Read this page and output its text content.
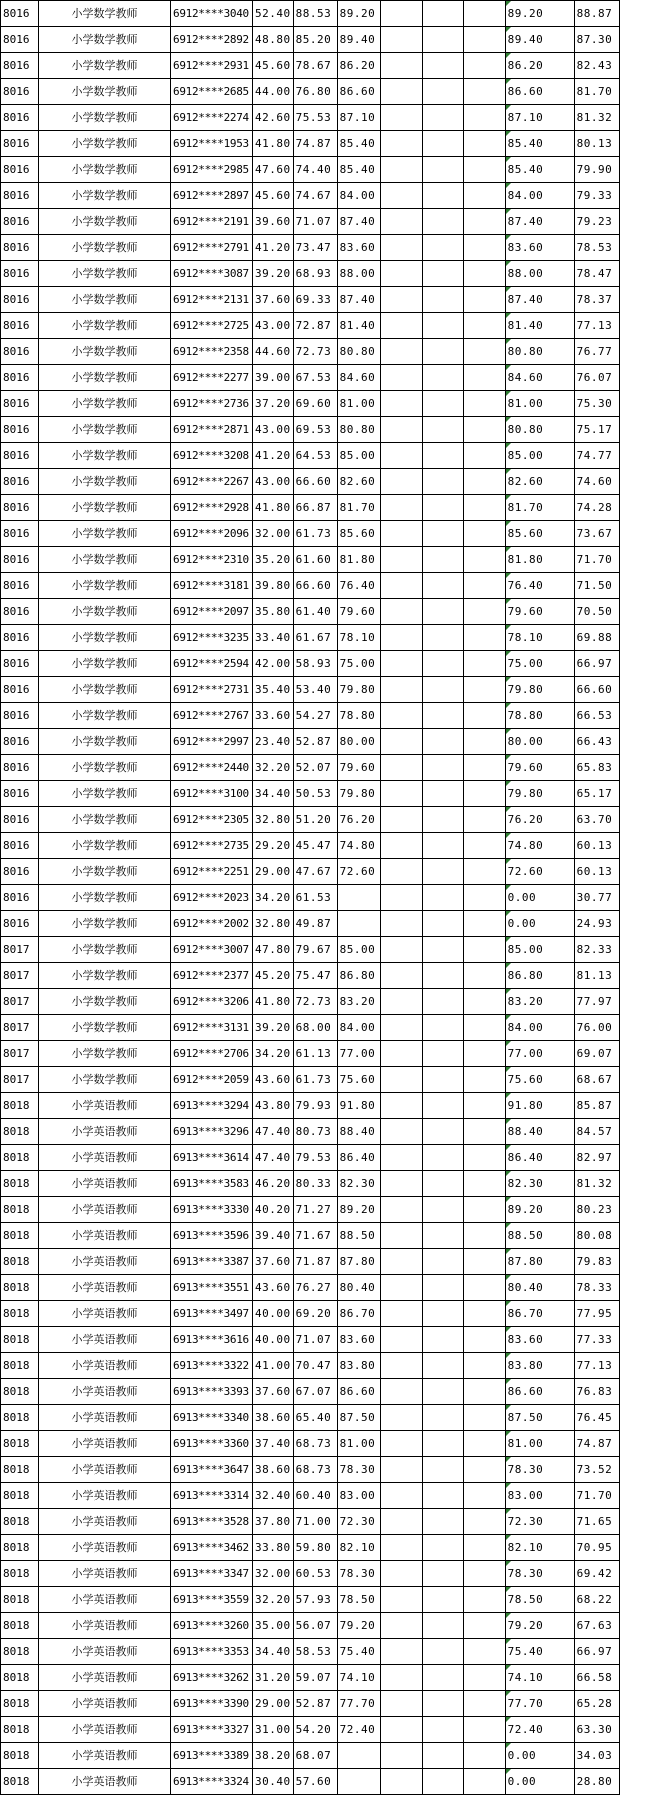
8016	小学数学教师	6912****3040	52.40	88.53	89.20				89.20	88.87
8016	小学数学教师	6912****2892	48.80	85.20	89.40				89.40	87.30
8016	小学数学教师	6912****2931	45.60	78.67	86.20				86.20	82.43
8016	小学数学教师	6912****2685	44.00	76.80	86.60				86.60	81.70
8016	小学数学教师	6912****2274	42.60	75.53	87.10				87.10	81.32
8016	小学数学教师	6912****1953	41.80	74.87	85.40				85.40	80.13
8016	小学数学教师	6912****2985	47.60	74.40	85.40				85.40	79.90
8016	小学数学教师	6912****2897	45.60	74.67	84.00				84.00	79.33
8016	小学数学教师	6912****2191	39.60	71.07	87.40				87.40	79.23
8016	小学数学教师	6912****2791	41.20	73.47	83.60				83.60	78.53
8016	小学数学教师	6912****3087	39.20	68.93	88.00				88.00	78.47
8016	小学数学教师	6912****2131	37.60	69.33	87.40				87.40	78.37
8016	小学数学教师	6912****2725	43.00	72.87	81.40				81.40	77.13
8016	小学数学教师	6912****2358	44.60	72.73	80.80				80.80	76.77
8016	小学数学教师	6912****2277	39.00	67.53	84.60				84.60	76.07
8016	小学数学教师	6912****2736	37.20	69.60	81.00				81.00	75.30
8016	小学数学教师	6912****2871	43.00	69.53	80.80				80.80	75.17
8016	小学数学教师	6912****3208	41.20	64.53	85.00				85.00	74.77
8016	小学数学教师	6912****2267	43.00	66.60	82.60				82.60	74.60
8016	小学数学教师	6912****2928	41.80	66.87	81.70				81.70	74.28
8016	小学数学教师	6912****2096	32.00	61.73	85.60				85.60	73.67
8016	小学数学教师	6912****2310	35.20	61.60	81.80				81.80	71.70
8016	小学数学教师	6912****3181	39.80	66.60	76.40				76.40	71.50
8016	小学数学教师	6912****2097	35.80	61.40	79.60				79.60	70.50
8016	小学数学教师	6912****3235	33.40	61.67	78.10				78.10	69.88
8016	小学数学教师	6912****2594	42.00	58.93	75.00				75.00	66.97
8016	小学数学教师	6912****2731	35.40	53.40	79.80				79.80	66.60
8016	小学数学教师	6912****2767	33.60	54.27	78.80				78.80	66.53
8016	小学数学教师	6912****2997	23.40	52.87	80.00				80.00	66.43
8016	小学数学教师	6912****2440	32.20	52.07	79.60				79.60	65.83
8016	小学数学教师	6912****3100	34.40	50.53	79.80				79.80	65.17
8016	小学数学教师	6912****2305	32.80	51.20	76.20				76.20	63.70
8016	小学数学教师	6912****2735	29.20	45.47	74.80				74.80	60.13
8016	小学数学教师	6912****2251	29.00	47.67	72.60				72.60	60.13
8016	小学数学教师	6912****2023	34.20	61.53					0.00	30.77
8016	小学数学教师	6912****2002	32.80	49.87					0.00	24.93
8017	小学数学教师	6912****3007	47.80	79.67	85.00				85.00	82.33
8017	小学数学教师	6912****2377	45.20	75.47	86.80				86.80	81.13
8017	小学数学教师	6912****3206	41.80	72.73	83.20				83.20	77.97
8017	小学数学教师	6912****3131	39.20	68.00	84.00				84.00	76.00
8017	小学数学教师	6912****2706	34.20	61.13	77.00				77.00	69.07
8017	小学数学教师	6912****2059	43.60	61.73	75.60				75.60	68.67
8018	小学英语教师	6913****3294	43.80	79.93	91.80				91.80	85.87
8018	小学英语教师	6913****3296	47.40	80.73	88.40				88.40	84.57
8018	小学英语教师	6913****3614	47.40	79.53	86.40				86.40	82.97
8018	小学英语教师	6913****3583	46.20	80.33	82.30				82.30	81.32
8018	小学英语教师	6913****3330	40.20	71.27	89.20				89.20	80.23
8018	小学英语教师	6913****3596	39.40	71.67	88.50				88.50	80.08
8018	小学英语教师	6913****3387	37.60	71.87	87.80				87.80	79.83
8018	小学英语教师	6913****3551	43.60	76.27	80.40				80.40	78.33
8018	小学英语教师	6913****3497	40.00	69.20	86.70				86.70	77.95
8018	小学英语教师	6913****3616	40.00	71.07	83.60				83.60	77.33
8018	小学英语教师	6913****3322	41.00	70.47	83.80				83.80	77.13
8018	小学英语教师	6913****3393	37.60	67.07	86.60				86.60	76.83
8018	小学英语教师	6913****3340	38.60	65.40	87.50				87.50	76.45
8018	小学英语教师	6913****3360	37.40	68.73	81.00				81.00	74.87
8018	小学英语教师	6913****3647	38.60	68.73	78.30				78.30	73.52
8018	小学英语教师	6913****3314	32.40	60.40	83.00				83.00	71.70
8018	小学英语教师	6913****3528	37.80	71.00	72.30				72.30	71.65
8018	小学英语教师	6913****3462	33.80	59.80	82.10				82.10	70.95
8018	小学英语教师	6913****3347	32.00	60.53	78.30				78.30	69.42
8018	小学英语教师	6913****3559	32.20	57.93	78.50				78.50	68.22
8018	小学英语教师	6913****3260	35.00	56.07	79.20				79.20	67.63
8018	小学英语教师	6913****3353	34.40	58.53	75.40				75.40	66.97
8018	小学英语教师	6913****3262	31.20	59.07	74.10				74.10	66.58
8018	小学英语教师	6913****3390	29.00	52.87	77.70				77.70	65.28
8018	小学英语教师	6913****3327	31.00	54.20	72.40				72.40	63.30
8018	小学英语教师	6913****3389	38.20	68.07					0.00	34.03
8018	小学英语教师	6913****3324	30.40	57.60					0.00	28.80
